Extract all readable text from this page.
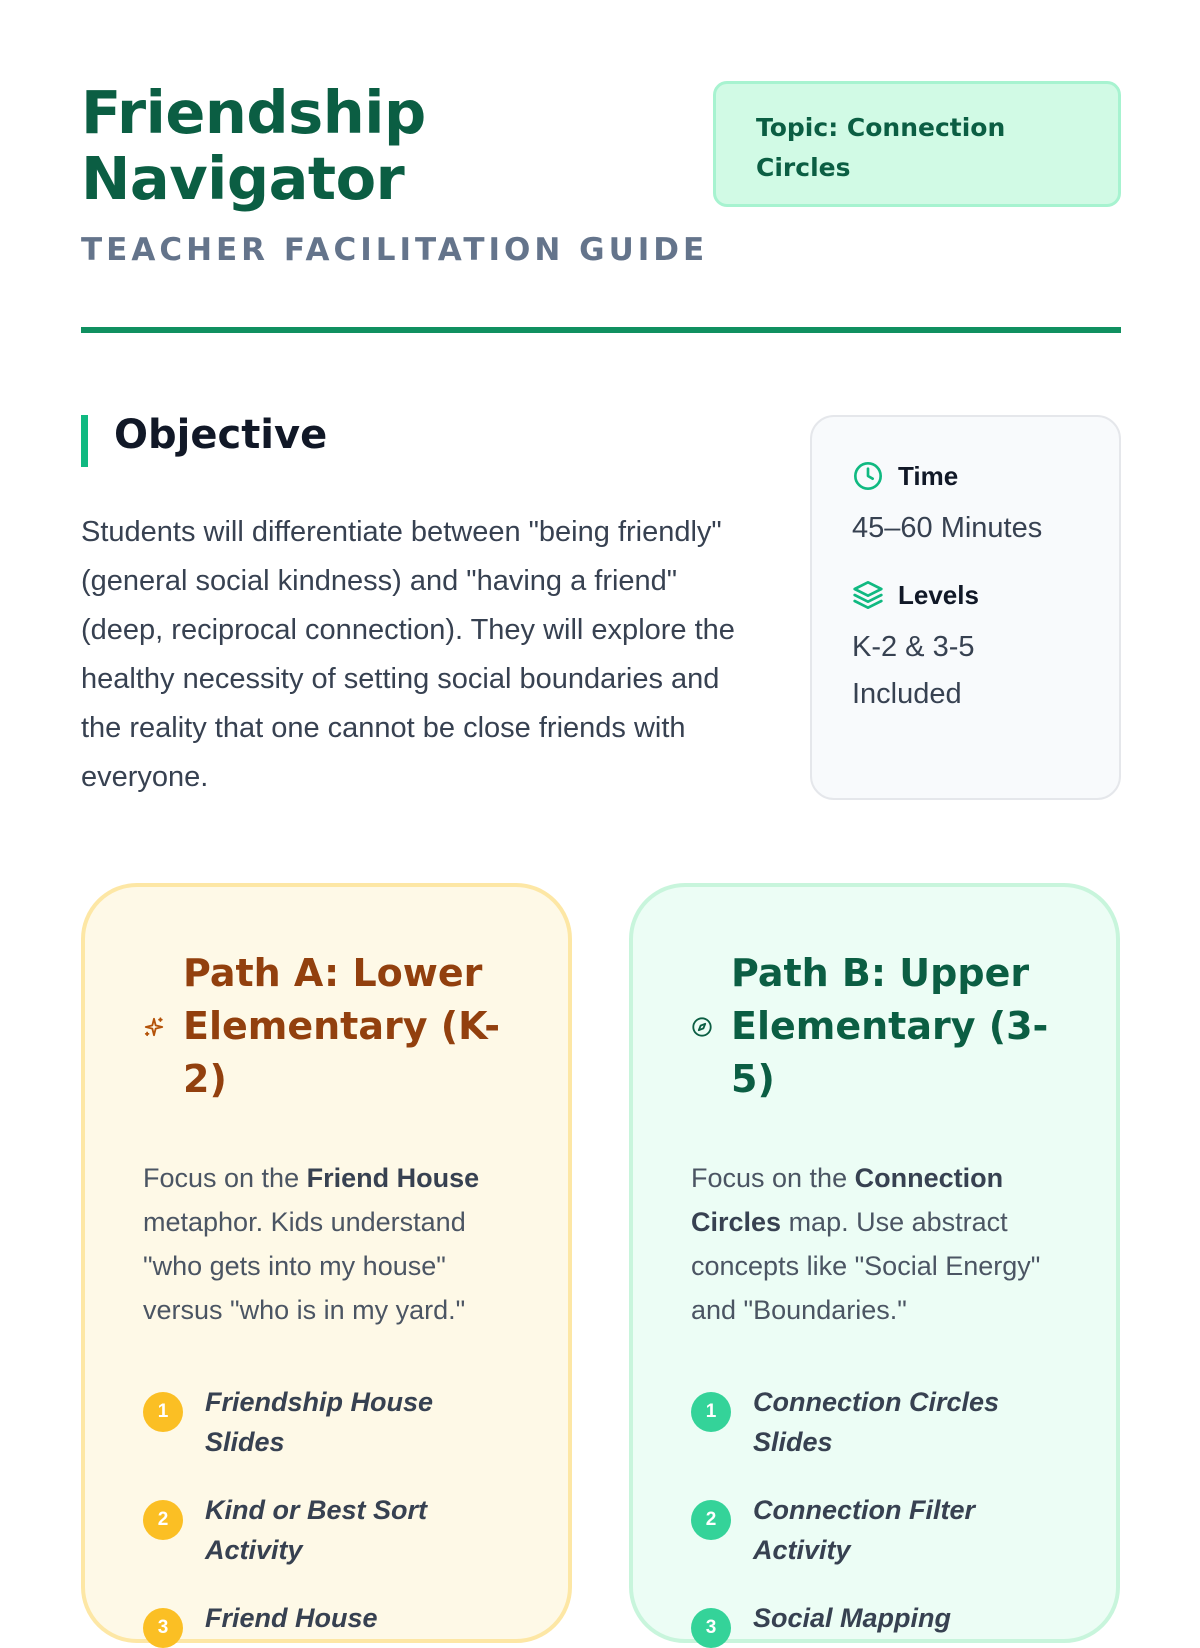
Friendship Navigator
TEACHER FACILITATION GUIDE
Topic: Connection Circles
Objective

Students will differentiate between "being friendly" (general social kindness) and "having a friend" (deep, reciprocal connection). They will explore the healthy necessity of setting social boundaries and the reality that one cannot be close friends with everyone.

Time
45–60 Minutes
Levels
K-2 & 3-5 Included
Path A: Lower Elementary (K-2)

Focus on the Friend House metaphor. Kids understand "who gets into my house" versus "who is in my yard."

1	Friendship House Slides
2	Kind or Best Sort Activity
3	Friend House
Path B: Upper Elementary (3-5)

Focus on the Connection Circles map. Use abstract concepts like "Social Energy" and "Boundaries."

1	Connection Circles Slides
2	Connection Filter Activity
3	Social Mapping
